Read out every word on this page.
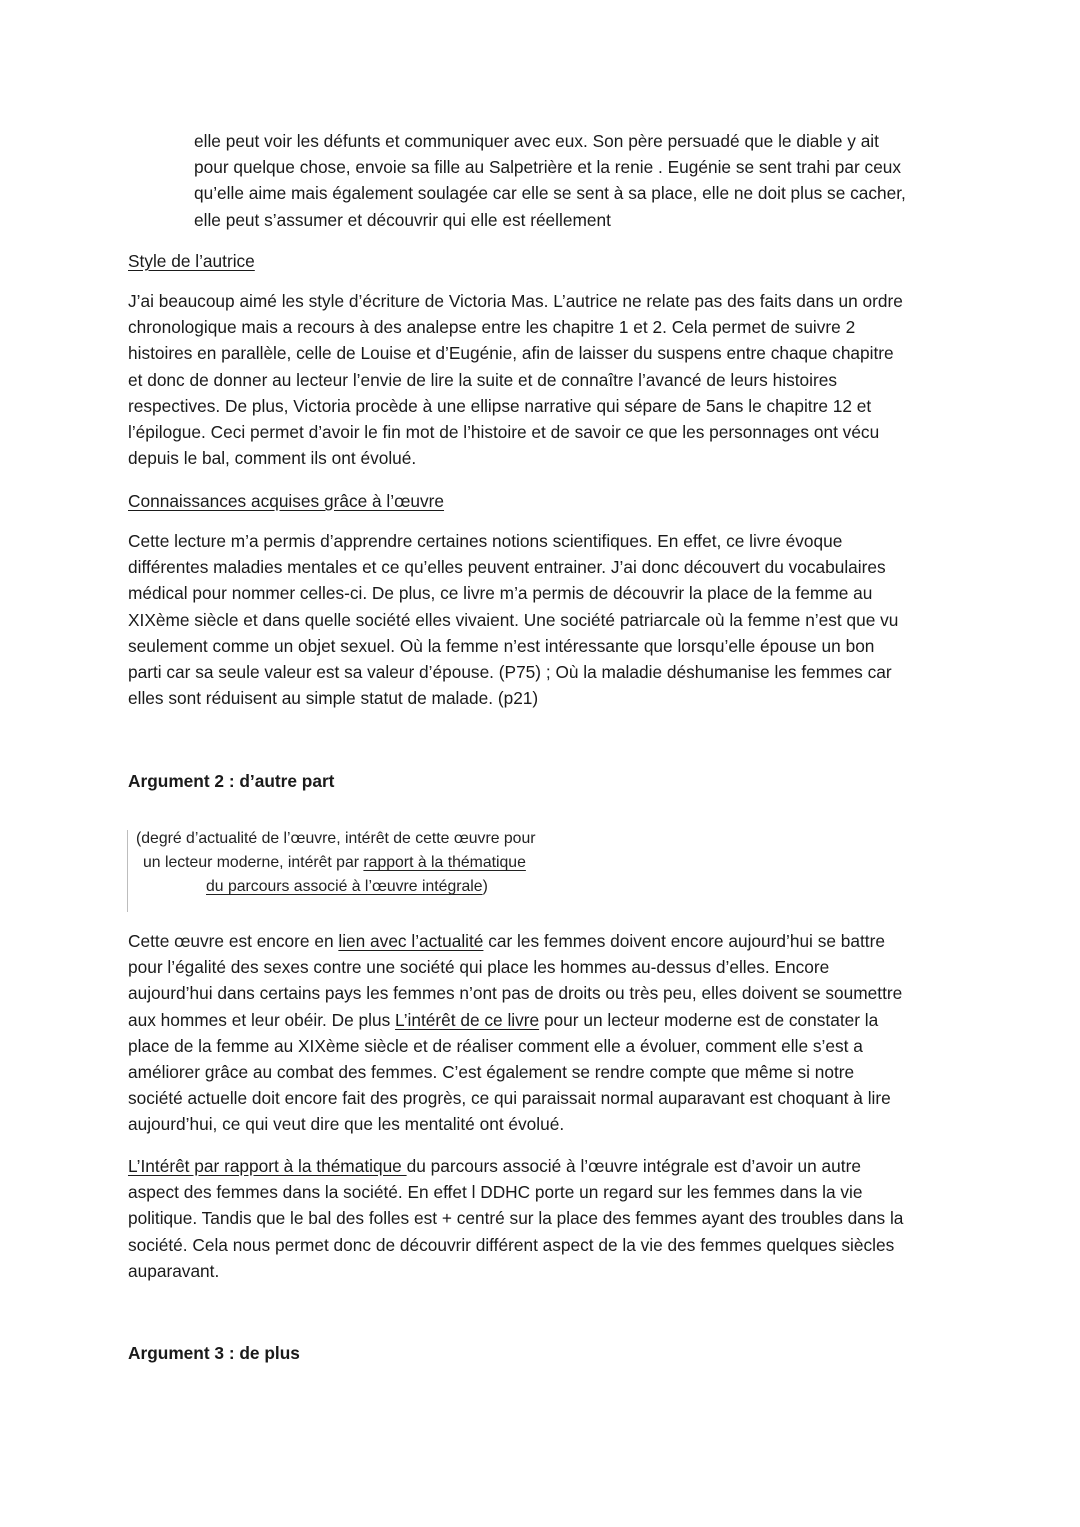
elle peut voir les défunts et communiquer avec eux. Son père persuadé que le diable y ait
pour quelque chose, envoie sa fille au Salpetrière et la renie . Eugénie se sent trahi par ceux
qu’elle aime mais également soulagée car elle se sent à sa place, elle ne doit plus se cacher,
elle peut s’assumer et découvrir qui elle est réellement
Style de l’autrice
J’ai beaucoup aimé les style d’écriture de Victoria Mas. L’autrice ne relate pas des faits dans un ordre
chronologique mais a recours à des analepse entre les chapitre 1 et 2. Cela permet de suivre 2
histoires en parallèle, celle de Louise et d’Eugénie, afin de laisser du suspens entre chaque chapitre
et donc de donner au lecteur l’envie de lire la suite et de connaître l’avancé de leurs histoires
respectives. De plus, Victoria procède à une ellipse narrative qui sépare de 5ans le chapitre 12 et
l’épilogue. Ceci permet d’avoir le fin mot de l’histoire et de savoir ce que les personnages ont vécu
depuis le bal, comment ils ont évolué.
Connaissances acquises grâce à l’œuvre
Cette lecture m’a permis d’apprendre certaines notions scientifiques. En effet, ce livre évoque
différentes maladies mentales et ce qu’elles peuvent entrainer. J’ai donc découvert du vocabulaires
médical pour nommer celles-ci. De plus, ce livre m’a permis de découvrir la place de la femme au
XIXème siècle et dans quelle société elles vivaient. Une société patriarcale où la femme n’est que vu
seulement comme un objet sexuel. Où la femme n’est intéressante que lorsqu’elle épouse un bon
parti car sa seule valeur est sa valeur d’épouse. (P75) ; Où la maladie déshumanise les femmes car
elles sont réduisent au simple statut de malade. (p21)
Argument 2 : d’autre part
(degré d’actualité de l’œuvre, intérêt de cette œuvre pour
un lecteur moderne, intérêt par rapport à la thématique
du parcours associé à l’œuvre intégrale)
Cette œuvre est encore en lien avec l’actualité car les femmes doivent encore aujourd’hui se battre
pour l’égalité des sexes contre une société qui place les hommes au-dessus d’elles. Encore
aujourd’hui dans certains pays les femmes n’ont pas de droits ou très peu, elles doivent se soumettre
aux hommes et leur obéir. De plus L’intérêt de ce livre pour un lecteur moderne est de constater la
place de la femme au XIXème siècle et de réaliser comment elle a évoluer, comment elle s’est a
améliorer grâce au combat des femmes. C’est également se rendre compte que même si notre
société actuelle doit encore fait des progrès, ce qui paraissait normal auparavant est choquant à lire
aujourd’hui, ce qui veut dire que les mentalité ont évolué.
L’Intérêt par rapport à la thématique du parcours associé à l’œuvre intégrale est d’avoir un autre
aspect des femmes dans la société. En effet l DDHC porte un regard sur les femmes dans la vie
politique. Tandis que le bal des folles est + centré sur la place des femmes ayant des troubles dans la
société. Cela nous permet donc de découvrir différent aspect de la vie des femmes quelques siècles
auparavant.
Argument 3 : de plus
